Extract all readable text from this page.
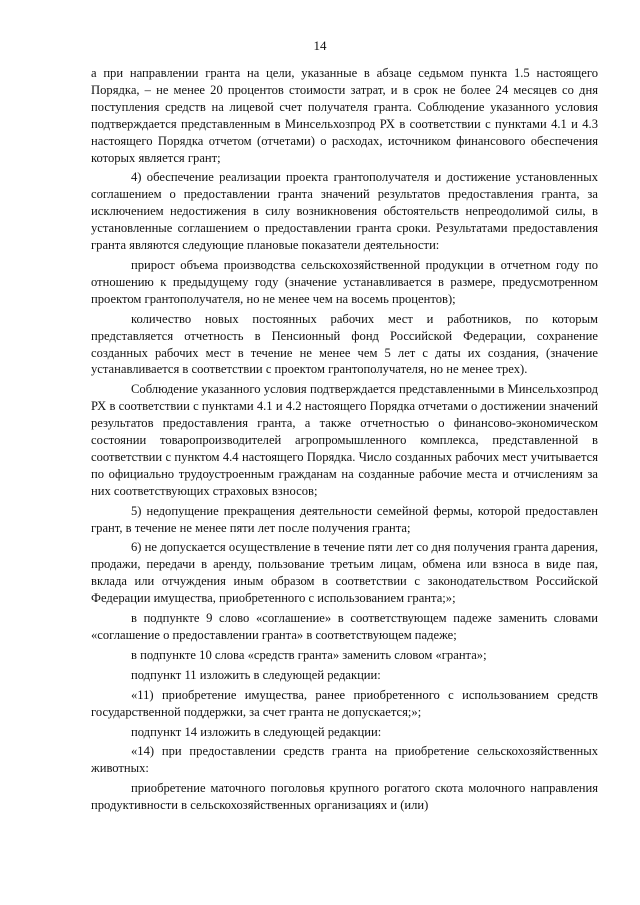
14

а при направлении гранта на цели, указанные в абзаце седьмом пункта 1.5 настоящего Порядка, – не менее 20 процентов стоимости затрат, и в срок не более 24 месяцев со дня поступления средств на лицевой счет получателя гранта. Соблюдение указанного условия подтверждается представленным в Минсельхозпрод РХ в соответствии с пунктами 4.1 и 4.3 настоящего Порядка отчетом (отчетами) о расходах, источником финансового обеспечения которых является грант;

4) обеспечение реализации проекта грантополучателя и достижение установленных соглашением о предоставлении гранта значений результатов предоставления гранта, за исключением недостижения в силу возникновения обстоятельств непреодолимой силы, в установленные соглашением о предоставлении гранта сроки. Результатами предоставления гранта являются следующие плановые показатели деятельности:

прирост объема производства сельскохозяйственной продукции в отчетном году по отношению к предыдущему году (значение устанавливается в размере, предусмотренном проектом грантополучателя, но не менее чем на восемь процентов);

количество новых постоянных рабочих мест и работников, по которым представляется отчетность в Пенсионный фонд Российской Федерации, сохранение созданных рабочих мест в течение не менее чем 5 лет с даты их создания, (значение устанавливается в соответствии с проектом грантополучателя, но не менее трех).

Соблюдение указанного условия подтверждается представленными в Минсельхозпрод РХ в соответствии с пунктами 4.1 и 4.2 настоящего Порядка отчетами о достижении значений результатов предоставления гранта, а также отчетностью о финансово-экономическом состоянии товаропроизводителей агропромышленного комплекса, представленной в соответствии с пунктом 4.4 настоящего Порядка. Число созданных рабочих мест учитывается по официально трудоустроенным гражданам на созданные рабочие места и отчислениям за них соответствующих страховых взносов;

5) недопущение прекращения деятельности семейной фермы, которой предоставлен грант, в течение не менее пяти лет после получения гранта;

6) не допускается осуществление в течение пяти лет со дня получения гранта дарения, продажи, передачи в аренду, пользование третьим лицам, обмена или взноса в виде пая, вклада или отчуждения иным образом в соответствии с законодательством Российской Федерации имущества, приобретенного с использованием гранта;»;

в подпункте 9 слово «соглашение» в соответствующем падеже заменить словами «соглашение о предоставлении гранта» в соответствующем падеже;

в подпункте 10 слова «средств гранта» заменить словом «гранта»;

подпункт 11 изложить в следующей редакции:

«11) приобретение имущества, ранее приобретенного с использованием средств государственной поддержки, за счет гранта не допускается;»;

подпункт 14 изложить в следующей редакции:

«14) при предоставлении средств гранта на приобретение сельскохозяйственных животных:

приобретение маточного поголовья крупного рогатого скота молочного направления продуктивности в сельскохозяйственных организациях и (или)
